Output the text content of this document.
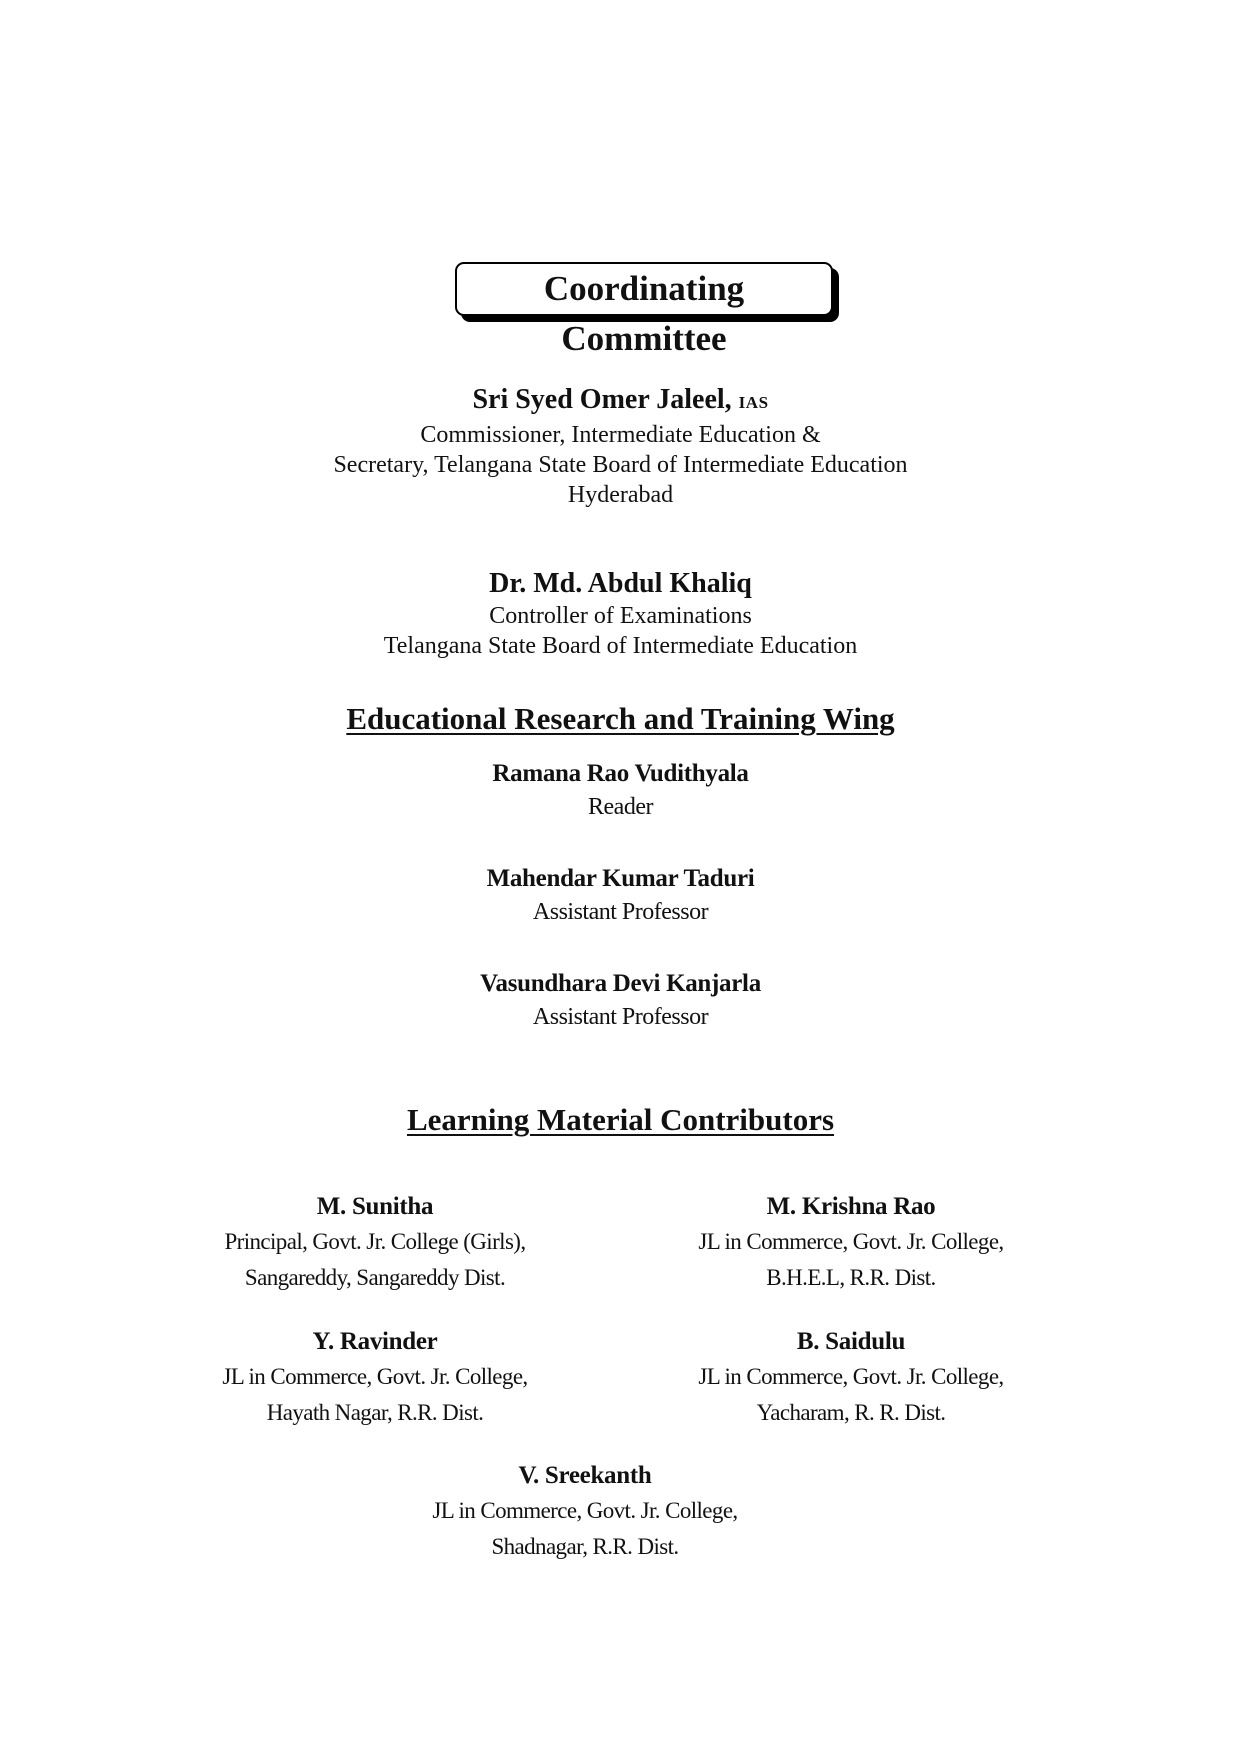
Coordinating Committee
Sri Syed Omer Jaleel, IAS
Commissioner, Intermediate Education &
Secretary, Telangana State Board of Intermediate Education
Hyderabad
Dr. Md. Abdul Khaliq
Controller of Examinations
Telangana State Board of Intermediate Education
Educational Research and Training Wing
Ramana Rao Vudithyala
Reader
Mahendar Kumar Taduri
Assistant Professor
Vasundhara Devi Kanjarla
Assistant Professor
Learning Material Contributors
M. Sunitha
Principal, Govt. Jr. College (Girls),
Sangareddy, Sangareddy Dist.
M. Krishna Rao
JL in Commerce, Govt. Jr. College,
B.H.E.L, R.R. Dist.
Y. Ravinder
JL in Commerce, Govt. Jr. College,
Hayath Nagar, R.R. Dist.
B. Saidulu
JL in Commerce, Govt. Jr. College,
Yacharam, R. R. Dist.
V. Sreekanth
JL in Commerce, Govt. Jr. College,
Shadnagar, R.R. Dist.
